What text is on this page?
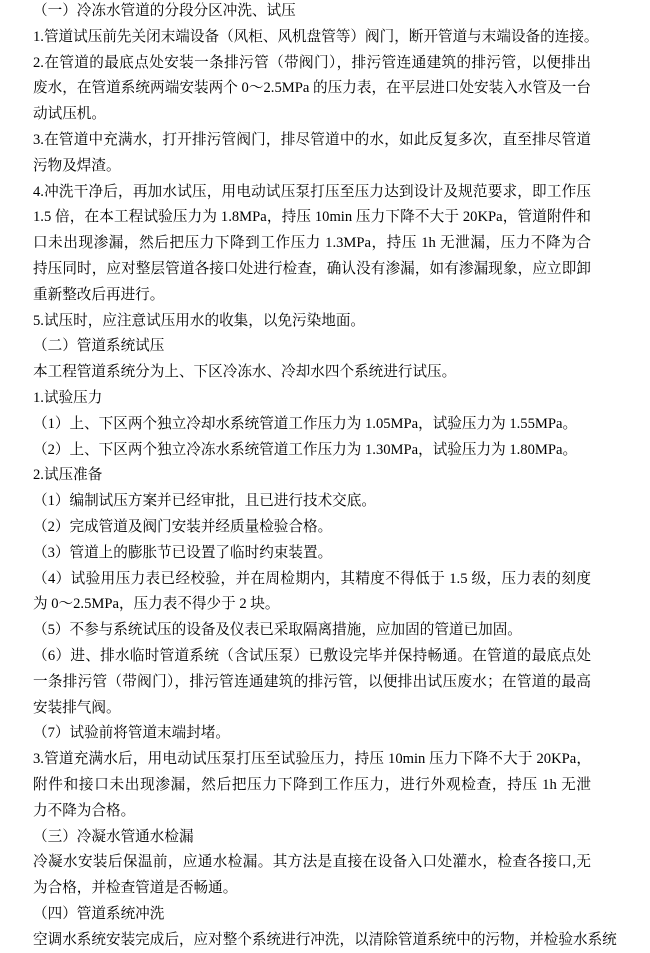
（一）冷冻水管道的分段分区冲洗、试压
1.管道试压前先关闭末端设备（风柜、风机盘管等）阀门，断开管道与末端设备的连接。
2.在管道的最底点处安装一条排污管（带阀门），排污管连通建筑的排污管，以便排出
废水，在管道系统两端安装两个 0～2.5MPa 的压力表，在平层进口处安装入水管及一台
动试压机。
3.在管道中充满水，打开排污管阀门，排尽管道中的水，如此反复多次，直至排尽管道
污物及焊渣。
4.冲洗干净后，再加水试压，用电动试压泵打压至压力达到设计及规范要求，即工作压
1.5 倍，在本工程试验压力为 1.8MPa，持压 10min 压力下降不大于 20KPa，管道附件和
口未出现渗漏，然后把压力下降到工作压力 1.3MPa，持压 1h 无泄漏，压力不降为合
持压同时，应对整层管道各接口处进行检查，确认没有渗漏，如有渗漏现象，应立即卸
重新整改后再进行。
5.试压时，应注意试压用水的收集，以免污染地面。
（二）管道系统试压
本工程管道系统分为上、下区冷冻水、冷却水四个系统进行试压。
1.试验压力
（1）上、下区两个独立冷却水系统管道工作压力为 1.05MPa，试验压力为 1.55MPa。
（2）上、下区两个独立冷冻水系统管道工作压力为 1.30MPa，试验压力为 1.80MPa。
2.试压准备
（1）编制试压方案并已经审批，且已进行技术交底。
（2）完成管道及阀门安装并经质量检验合格。
（3）管道上的膨胀节已设置了临时约束装置。
（4）试验用压力表已经校验，并在周检期内，其精度不得低于 1.5 级，压力表的刻度
为 0～2.5MPa，压力表不得少于 2 块。
（5）不参与系统试压的设备及仪表已采取隔离措施，应加固的管道已加固。
（6）进、排水临时管道系统（含试压泵）已敷设完毕并保持畅通。在管道的最底点处
一条排污管（带阀门），排污管连通建筑的排污管，以便排出试压废水；在管道的最高
安装排气阀。
（7）试验前将管道末端封堵。
3.管道充满水后，用电动试压泵打压至试验压力，持压 10min 压力下降不大于 20KPa，
附件和接口未出现渗漏，然后把压力下降到工作压力，进行外观检查，持压 1h 无泄
力不降为合格。
（三）冷凝水管通水检漏
冷凝水安装后保温前，应通水检漏。其方法是直接在设备入口处灌水，检查各接口,无
为合格，并检查管道是否畅通。
（四）管道系统冲洗
空调水系统安装完成后，应对整个系统进行冲洗，以清除管道系统中的污物，并检验水系统
